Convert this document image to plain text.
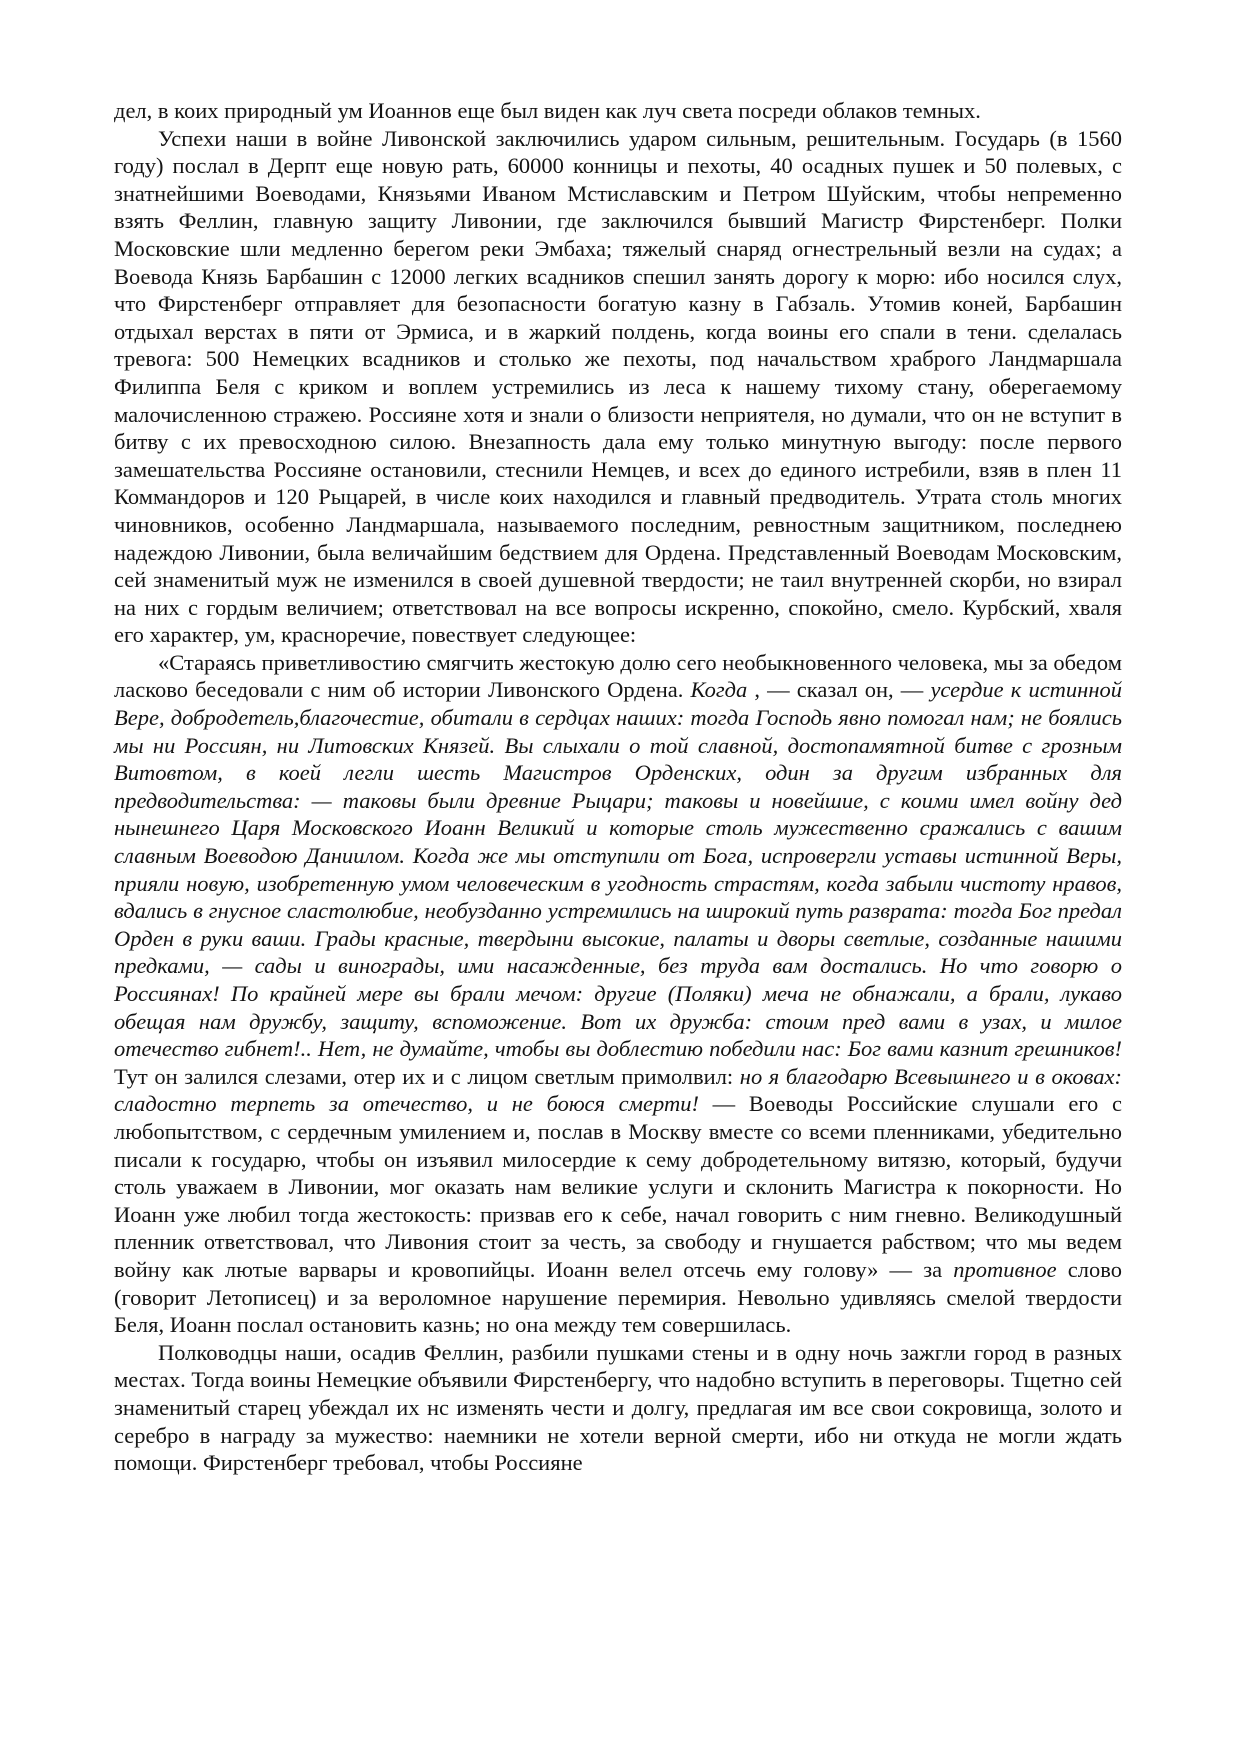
дел, в коих природный ум Иоаннов еще был виден как луч света посреди облаков темных.

Успехи наши в войне Ливонской заключились ударом сильным, решительным. Государь (в 1560 году) послал в Дерпт еще новую рать, 60000 конницы и пехоты, 40 осадных пушек и 50 полевых, с знатнейшими Воеводами, Князьями Иваном Мстиславским и Петром Шуйским, чтобы непременно взять Феллин, главную защиту Ливонии, где заключился бывший Магистр Фирстенберг. Полки Московские шли медленно берегом реки Эмбаха; тяжелый снаряд огнестрельный везли на судах; а Воевода Князь Барбашин с 12000 легких всадников спешил занять дорогу к морю: ибо носился слух, что Фирстенберг отправляет для безопасности богатую казну в Габзаль. Утомив коней, Барбашин отдыхал верстах в пяти от Эрмиса, и в жаркий полдень, когда воины его спали в тени. сделалась тревога: 500 Немецких всадников и столько же пехоты, под начальством храброго Ландмаршала Филиппа Беля с криком и воплем устремились из леса к нашему тихому стану, оберегаемому малочисленною стражею. Россияне хотя и знали о близости неприятеля, но думали, что он не вступит в битву с их превосходною силою. Внезапность дала ему только минутную выгоду: после первого замешательства Россияне остановили, стеснили Немцев, и всех до единого истребили, взяв в плен 11 Коммандоров и 120 Рыцарей, в числе коих находился и главный предводитель. Утрата столь многих чиновников, особенно Ландмаршала, называемого последним, ревностным защитником, последнею надеждою Ливонии, была величайшим бедствием для Ордена. Представленный Воеводам Московским, сей знаменитый муж не изменился в своей душевной твердости; не таил внутренней скорби, но взирал на них с гордым величием; ответствовал на все вопросы искренно, спокойно, смело. Курбский, хваля его характер, ум, красноречие, повествует следующее:

«Стараясь приветливостию смягчить жестокую долю сего необыкновенного человека, мы за обедом ласково беседовали с ним об истории Ливонского Ордена. Когда , — сказал он, — усердие к истинной Вере, добродетель,благочестие, обитали в сердцах наших: тогда Господь явно помогал нам; не боялись мы ни Россиян, ни Литовских Князей. Вы слыхали о той славной, достопамятной битве с грозным Витовтом, в коей легли шесть Магистров Орденских, один за другим избранных для предводительства: — таковы были древние Рыцари; таковы и новейшие, с коими имел войну дед нынешнего Царя Московского Иоанн Великий и которые столь мужественно сражались с вашим славным Воеводою Даниилом. Когда же мы отступили от Бога, испровергли уставы истинной Веры, прияли новую, изобретенную умом человеческим в угодность страстям, когда забыли чистоту нравов, вдались в гнусное сластолюбие, необузданно устремились на широкий путь разврата: тогда Бог предал Орден в руки ваши. Грады красные, твердыни высокие, палаты и дворы светлые, созданные нашими предками, — сады и винограды, ими насажденные, без труда вам достались. Но что говорю о Россиянах! По крайней мере вы брали мечом: другие (Поляки) меча не обнажали, а брали, лукаво обещая нам дружбу, защиту, вспоможение. Вот их дружба: стоим пред вами в узах, и милое отечество гибнет!.. Нет, не думайте, чтобы вы доблестию победили нас: Бог вами казнит грешников! Тут он залился слезами, отер их и с лицом светлым примолвил: но я благодарю Всевышнего и в оковах: сладостно терпеть за отечество, и не боюся смерти! — Воеводы Российские слушали его с любопытством, с сердечным умилением и, послав в Москву вместе со всеми пленниками, убедительно писали к государю, чтобы он изъявил милосердие к сему добродетельному витязю, который, будучи столь уважаем в Ливонии, мог оказать нам великие услуги и склонить Магистра к покорности. Но Иоанн уже любил тогда жестокость: призвав его к себе, начал говорить с ним гневно. Великодушный пленник ответствовал, что Ливония стоит за честь, за свободу и гнушается рабством; что мы ведем войну как лютые варвары и кровопийцы. Иоанн велел отсечь ему голову» — за противное слово (говорит Летописец) и за вероломное нарушение перемирия. Невольно удивляясь смелой твердости Беля, Иоанн послал остановить казнь; но она между тем совершилась.

Полководцы наши, осадив Феллин, разбили пушками стены и в одну ночь зажгли город в разных местах. Тогда воины Немецкие объявили Фирстенбергу, что надобно вступить в переговоры. Тщетно сей знаменитый старец убеждал их нс изменять чести и долгу, предлагая им все свои сокровища, золото и серебро в награду за мужество: наемники не хотели верной смерти, ибо ни откуда не могли ждать помощи. Фирстенберг требовал, чтобы Россияне
